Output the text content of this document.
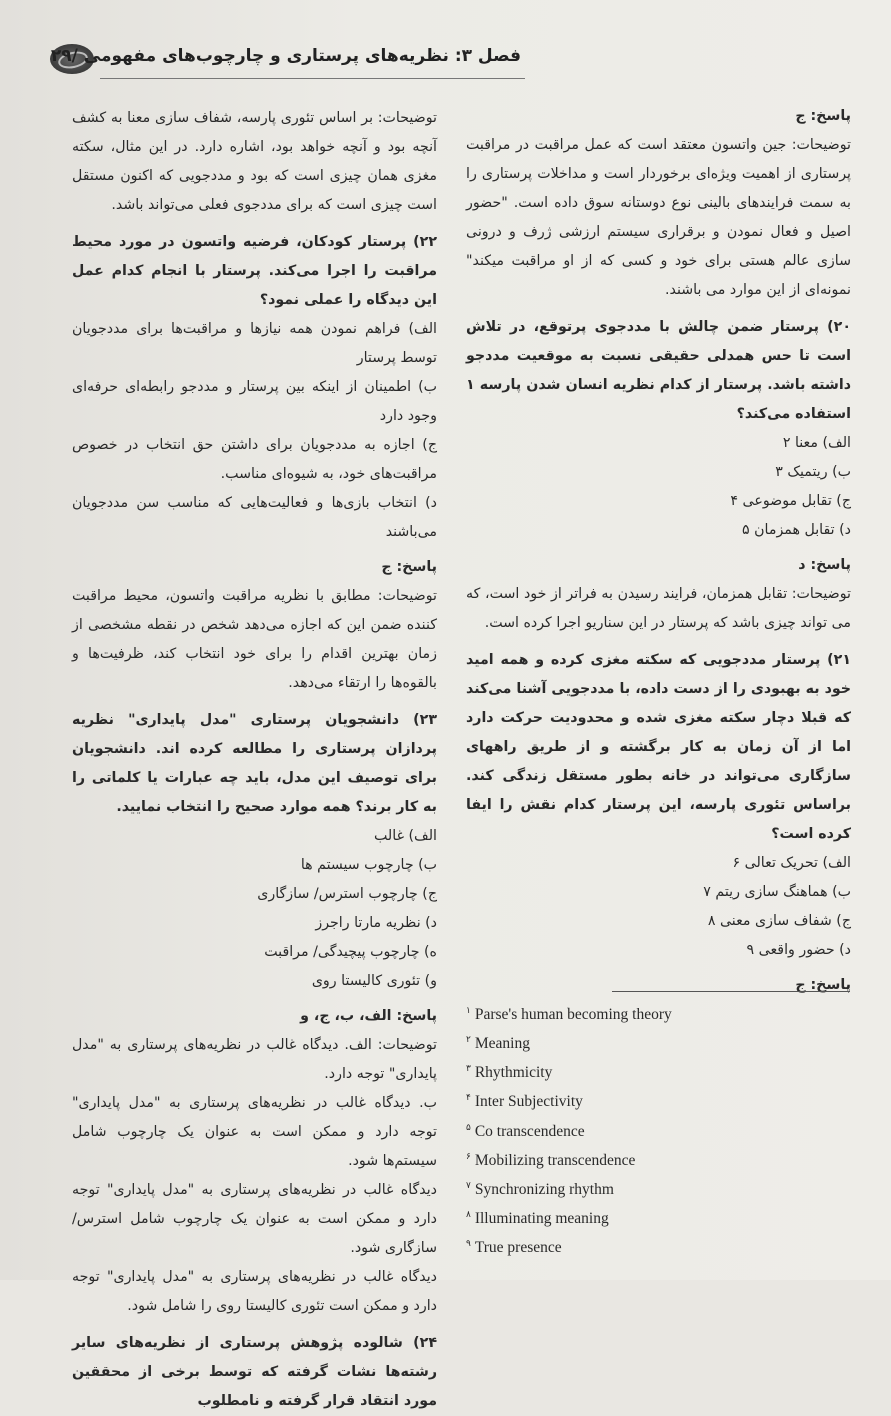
فصل ۳: نظریه‌های پرستاری و چارچوب‌های مفهومی /۲۹

پاسخ: ج

توضیحات: جین واتسون معتقد است که عمل مراقبت در مراقبت پرستاری از اهمیت ویژه‌ای برخوردار است و مداخلات پرستاری را به سمت فرایندهای بالینی نوع دوستانه سوق داده است. "حضور اصیل و فعال نمودن و برقراری سیستم ارزشی ژرف و درونی سازی عالم هستی برای خود و کسی که از او مراقبت میکند" نمونه‌ای از این موارد می باشند.

۲۰) پرستار ضمن چالش با مددجوی پرتوقع، در تلاش است تا حس همدلی حقیقی نسبت به موقعیت مددجو داشته باشد. پرستار از کدام نظریه انسان شدن پارسه ۱ استفاده می‌کند؟

الف) معنا ۲

ب) ریتمیک ۳

ج) تقابل موضوعی ۴

د) تقابل همزمان ۵

پاسخ: د

توضیحات: تقابل همزمان، فرایند رسیدن به فراتر از خود است، که می تواند چیزی باشد که پرستار در این سناریو اجرا کرده است.

۲۱) پرستار مددجویی که سکته مغزی کرده و همه امید خود به بهبودی را از دست داده، با مددجویی آشنا می‌کند که قبلا دچار سکته مغزی شده و محدودیت حرکت دارد اما از آن زمان به کار برگشته و از طریق راههای سازگاری می‌تواند در خانه بطور مستقل زندگی کند. براساس تئوری پارسه، این پرستار کدام نقش را ایفا کرده است؟

الف) تحریک تعالی ۶

ب) هماهنگ سازی ریتم ۷

ج) شفاف سازی معنی ۸

د) حضور واقعی ۹

پاسخ: ج

توضیحات: بر اساس تئوری پارسه، شفاف سازی معنا به کشف آنچه بود و آنچه خواهد بود، اشاره دارد. در این مثال، سکته مغزی همان چیزی است که بود و مددجویی که اکنون مستقل است چیزی است که برای مددجوی فعلی می‌تواند باشد.

۲۲) پرستار کودکان، فرضیه واتسون در مورد محیط مراقبت را اجرا می‌کند. پرستار با انجام کدام عمل این دیدگاه را عملی نمود؟

الف) فراهم نمودن همه نیازها و مراقبت‌ها برای مددجویان توسط پرستار

ب) اطمینان از اینکه بین پرستار و مددجو رابطه‌ای حرفه‌ای وجود دارد

ج) اجازه به مددجویان برای داشتن حق انتخاب در خصوص مراقبت‌های خود، به شیوه‌ای مناسب.

د) انتخاب بازی‌ها و فعالیت‌هایی که مناسب سن مددجویان می‌باشند

پاسخ: ج

توضیحات: مطابق با نظریه مراقبت واتسون، محیط مراقبت کننده ضمن این که اجازه می‌دهد شخص در نقطه مشخصی از زمان بهترین اقدام را برای خود انتخاب کند، ظرفیت‌ها و بالقوه‌ها را ارتقاء می‌دهد.

۲۳) دانشجویان پرستاری "مدل پایداری" نظریه پردازان پرستاری را مطالعه کرده اند. دانشجویان برای توصیف این مدل، باید چه عبارات یا کلماتی را به کار برند؟ همه موارد صحیح را انتخاب نمایید.

الف) غالب

ب) چارچوب سیستم ها

ج) چارچوب استرس/ سازگاری

د) نظریه مارتا راجرز

ه) چارچوب پیچیدگی/ مراقبت

و) تئوری کالیستا روی

پاسخ: الف، ب، ج، و

توضیحات: الف. دیدگاه غالب در نظریه‌های پرستاری به "مدل پایداری" توجه دارد.

ب. دیدگاه غالب در نظریه‌های پرستاری به "مدل پایداری" توجه دارد و ممکن است به عنوان یک چارچوب شامل سیستم‌ها شود.

دیدگاه غالب در نظریه‌های پرستاری به "مدل پایداری" توجه دارد و ممکن است به عنوان یک چارچوب شامل استرس/ سازگاری شود.

دیدگاه غالب در نظریه‌های پرستاری به "مدل پایداری" توجه دارد و ممکن است تئوری کالیستا روی را شامل شود.

۲۴) شالوده پژوهش پرستاری از نظریه‌های سایر رشته‌ها نشات گرفته که توسط برخی از محققین مورد انتقاد قرار گرفته و نامطلوب

$^۱$ Parse's human becoming theory
$^۲$ Meaning
$^۳$ Rhythmicity
$^۴$ Inter Subjectivity
$^۵$ Co transcendence
$^۶$ Mobilizing transcendence
$^۷$ Synchronizing rhythm
$^۸$ Illuminating meaning
$^۹$ True presence
